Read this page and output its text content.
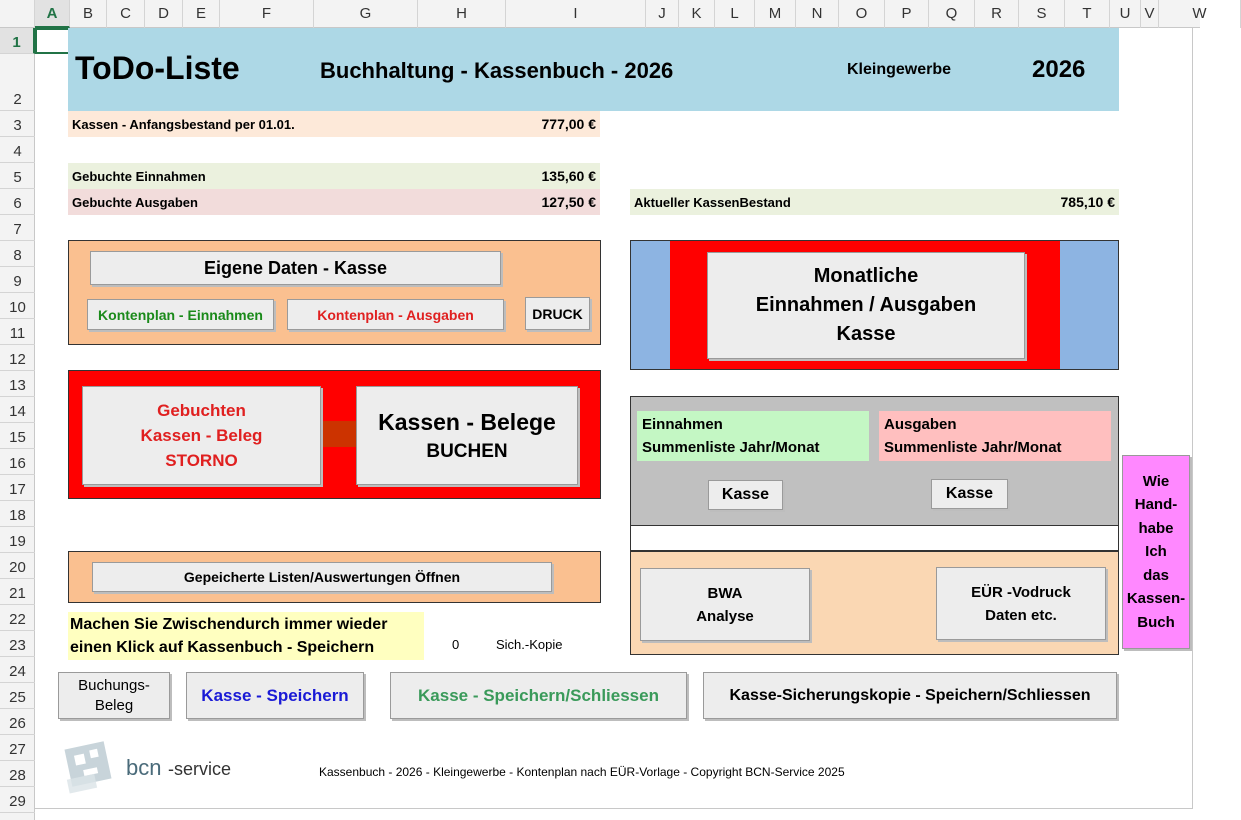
A	B	C	D	E	F	G	H	I	J	K	L	M	N	O	P	Q	R	S	T	U V	W
1
2
3
4
5
6
7
8
9
10
11
12
13
14
15
16
17
18
19
20
21
22
23
24
25
26
27
28
29
ToDo-Liste	Buchhaltung - Kassenbuch - 2026	Kleingewerbe	2026
Kassen - Anfangsbestand per 01.01.	777,00 €
Gebuchte Einnahmen	135,60 €
Gebuchte Ausgaben	127,50 €	Aktueller KassenBestand	785,10 €
Eigene Daten - Kasse
Kontenplan - Einnahmen	Kontenplan - Ausgaben	DRUCK
Monatliche
Einnahmen / Ausgaben
Kasse
Gebuchten
Kassen - Beleg
STORNO
Kassen - Belege
BUCHEN
Einnahmen
Summenliste Jahr/Monat
Ausgaben
Summenliste Jahr/Monat
Kasse	Kasse
Gepeicherte Listen/Auswertungen Öffnen
BWA
Analyse
EÜR -Vodruck
Daten etc.
Wie
Hand-
habe
Ich
das
Kassen-
Buch
Machen Sie Zwischendurch immer wieder
einen Klick auf Kassenbuch - Speichern	0	Sich.-Kopie
Buchungs-
Beleg
Kasse - Speichern	Kasse - Speichern/Schliessen	Kasse-Sicherungskopie - Speichern/Schliessen
bcn -service	Kassenbuch - 2026 - Kleingewerbe - Kontenplan nach EÜR-Vorlage - Copyright BCN-Service 2025
